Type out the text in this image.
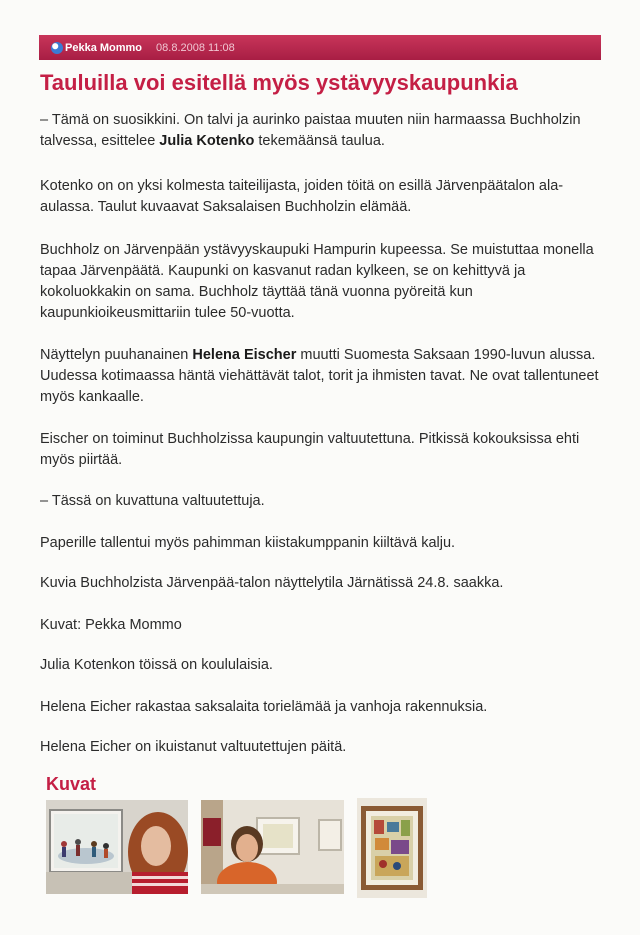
Pekka Mommo 08.8.2008 11:08
Tauluilla voi esitellä myös ystävyyskaupunkia

– Tämä on suosikkini. On talvi ja aurinko paistaa muuten niin harmaassa Buchholzin talvessa, esittelee Julia Kotenko tekemäänsä taulua.

Kotenko on on yksi kolmesta taiteilijasta, joiden töitä on esillä Järvenpäätalon ala-aulassa. Taulut kuvaavat Saksalaisen Buchholzin elämää.

Buchholz on Järvenpään ystävyyskaupuki Hampurin kupeessa. Se muistuttaa monella tapaa Järvenpäätä. Kaupunki on kasvanut radan kylkeen, se on kehittyvä ja kokoluokkakin on sama. Buchholz täyttää tänä vuonna pyöreitä kun kaupunkioikeusmittariin tulee 50-vuotta.

Näyttelyn puuhanainen Helena Eischer muutti Suomesta Saksaan 1990-luvun alussa. Uudessa kotimaassa häntä viehättävät talot, torit ja ihmisten tavat. Ne ovat tallentuneet myös kankaalle.

Eischer on toiminut Buchholzissa kaupungin valtuutettuna. Pitkissä kokouksissa ehti myös piirtää.

– Tässä on kuvattuna valtuutettuja.

Paperille tallentui myös pahimman kiistakumppanin kiiltävä kalju.

Kuvia Buchholzista Järvenpää-talon näyttelytila Järnätissä 24.8. saakka.

Kuvat: Pekka Mommo

Julia Kotenkon töissä on koululaisia.

Helena Eicher rakastaa saksalaita torielämää ja vanhoja rakennuksia.

Helena Eicher on ikuistanut valtuutettujen päitä.

Kuvat
